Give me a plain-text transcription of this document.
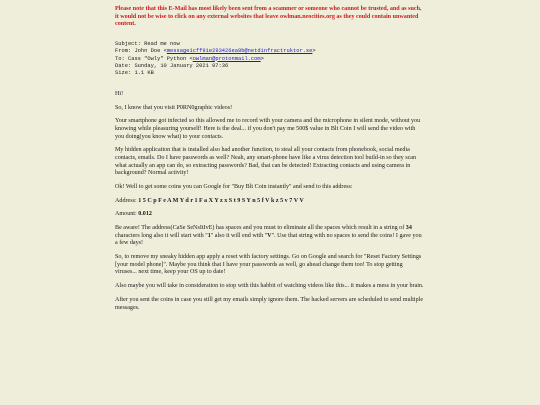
Please note that this E-Mail has most likely been sent from a scammer or someone who cannot be trusted, and as such, it would not be wise to click on any external websites that leave owlman.neocities.org as they could contain unwanted content.

Subject: Read me now
From: John Doe <message1cff91e293426ea9b@netdinfractruktor.se>
To: Cass "Owly" Python <owlman@protonmail.com>
Date: Sunday, 10 January 2021 07:36
Size: 1.1 KB

Hi!

So, I know that you visit P0RN0graphic videos!

Your smartphone got infected so this allowed me to record with your camera and the microphone in silent mode, without you knowing while pleasuring yourself! Here is the deal... if you don't pay me 500$ value in Blt Coin I will send the video with you doing(you know what) to your contacts.

My hidden application that is installed also had another function, to steal all your contacts from phonebook, social media contacts, emails. Do I have passwords as well? Neah, any smart-phone have like a virus detection tool build-in so they scan what actually an app can do, so extracting passwords? Bad, that can be detected! Extracting contacts and using camera in background? Normal activity!

Ok! Well to get some coins you can Google for "Buy Blt Coin instantly" and send to this address:

Address: 1 5 C p F e A M Y d r 1 F a X Y z x S t 9 S Y n 5 f V k z 5 v 7 V V

Amount: 0.012

Be aware! The address(CaSe SeNsItIvE) has spaces and you must to eliminate all the spaces which result in a string of 34 characters long also it will start with "1" also it will end with "V". Use that string with no spaces to send the coins! I gave you a few days!

So, to remove my sneaky hidden app apply a reset with factory settings. Go on Google and search for "Reset Factory Settings [your model phone]". Maybe you think that I have your passwords as well, go ahead change them too! To stop getting viruses... next time, keep your OS up to date!

Also maybe you will take in consideration to stop with this habbit of watching videos like this... it makes a mess in your brain.

After you sent the coins in case you still get my emails simply ignore them. The hacked servers are scheduled to send multiple messages.
